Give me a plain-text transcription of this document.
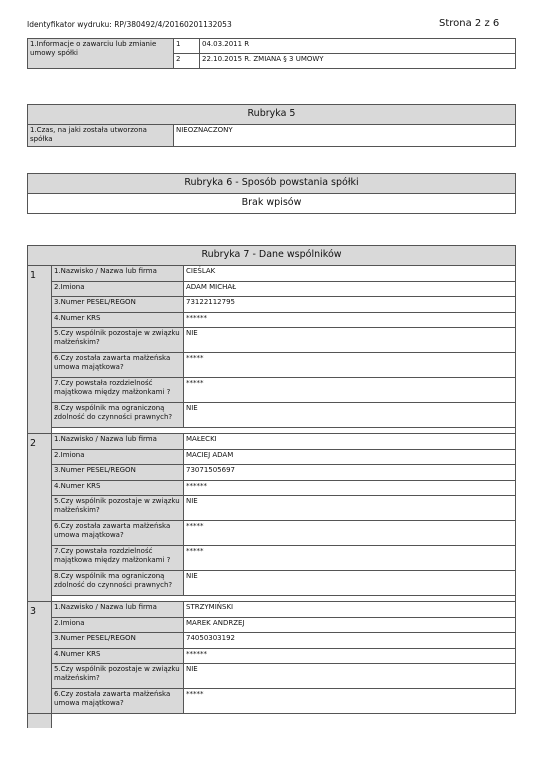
Identyfikator wydruku: RP/380492/4/20160201132053	Strona 2 z 6
1.Informacje o zawarciu lub zmianie umowy spółki	1	04.03.2011 R
	2	22.10.2015 R. ZMIANA § 3 UMOWY
Rubryka 5
1.Czas, na jaki została utworzona spółka	NIEOZNACZONY
Rubryka 6 - Sposób powstania spółki
Brak wpisów
Rubryka 7 - Dane wspólników		
1	1.Nazwisko / Nazwa lub firma	CIEŚLAK
	2.Imiona	ADAM MICHAŁ
	3.Numer PESEL/REGON	73122112795
	4.Numer KRS	******
	5.Czy wspólnik pozostaje w związku małżeńskim?	NIE
	6.Czy została zawarta małżeńska umowa majątkowa?	*****
	7.Czy powstała rozdzielność majątkowa między małżonkami ?	*****
	8.Czy wspólnik ma ograniczoną zdolność do czynności prawnych?	NIE

2	1.Nazwisko / Nazwa lub firma	MAŁECKI
	2.Imiona	MACIEJ ADAM
	3.Numer PESEL/REGON	73071505697
	4.Numer KRS	******
	5.Czy wspólnik pozostaje w związku małżeńskim?	NIE
	6.Czy została zawarta małżeńska umowa majątkowa?	*****
	7.Czy powstała rozdzielność majątkowa między małżonkami ?	*****
	8.Czy wspólnik ma ograniczoną zdolność do czynności prawnych?	NIE

3	1.Nazwisko / Nazwa lub firma	STRZYMIŃSKI
	2.Imiona	MAREK ANDRZEJ
	3.Numer PESEL/REGON	74050303192
	4.Numer KRS	******
	5.Czy wspólnik pozostaje w związku małżeńskim?	NIE
	6.Czy została zawarta małżeńska umowa majątkowa?	*****
